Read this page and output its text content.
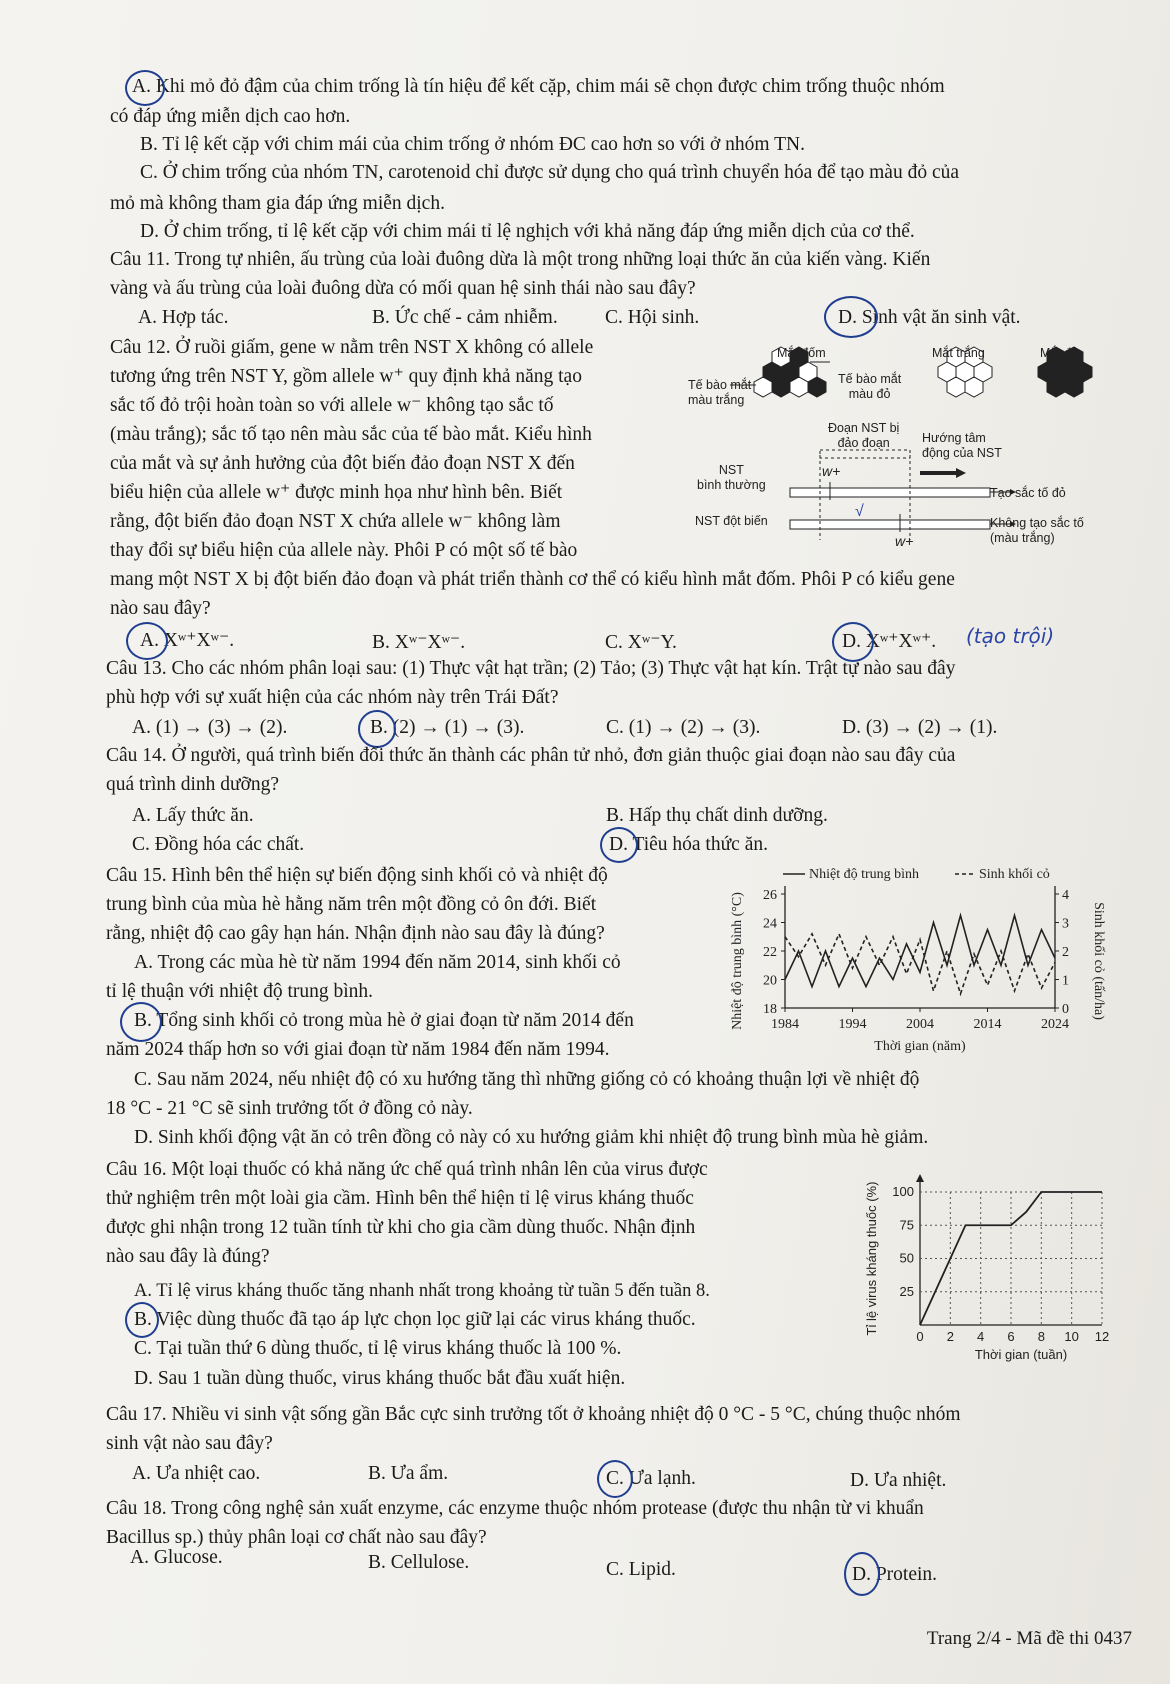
A. Khi mỏ đỏ đậm của chim trống là tín hiệu để kết cặp, chim mái sẽ chọn được chim trống thuộc nhóm
có đáp ứng miễn dịch cao hơn.
B. Tỉ lệ kết cặp với chim mái của chim trống ở nhóm ĐC cao hơn so với ở nhóm TN.
C. Ở chim trống của nhóm TN, carotenoid chỉ được sử dụng cho quá trình chuyển hóa để tạo màu đỏ của
mỏ mà không tham gia đáp ứng miễn dịch.
D. Ở chim trống, tỉ lệ kết cặp với chim mái tỉ lệ nghịch với khả năng đáp ứng miễn dịch của cơ thể.
Câu 11. Trong tự nhiên, ấu trùng của loài đuông dừa là một trong những loại thức ăn của kiến vàng. Kiến
vàng và ấu trùng của loài đuông dừa có mối quan hệ sinh thái nào sau đây?
A. Hợp tác.	B. Ức chế - cảm nhiễm. C. Hội sinh.	D. Sinh vật ăn sinh vật.
Câu 12. Ở ruồi giấm, gene w nằm trên NST X không có allele
tương ứng trên NST Y, gồm allele w⁺ quy định khả năng tạo
sắc tố đỏ trội hoàn toàn so với allele w⁻ không tạo sắc tố
(màu trắng); sắc tố tạo nên màu sắc của tế bào mắt. Kiểu hình
của mắt và sự ảnh hưởng của đột biến đảo đoạn NST X đến
biểu hiện của allele w⁺ được minh họa như hình bên. Biết
rằng, đột biến đảo đoạn NST X chứa allele w⁻ không làm
thay đổi sự biểu hiện của allele này. Phôi P có một số tế bào
mang một NST X bị đột biến đảo đoạn và phát triển thành cơ thể có kiểu hình mắt đốm. Phôi P có kiểu gene
nào sau đây?
√
Mắt đốm	Mắt trắng	Mắt đỏ
Tế bào mắt
màu trắng
Tế bào mắt
màu đỏ
Đoạn NST bị
đảo đoạn	Hướng tâm
động của NST
NST
bình thường
NST đột biến
Tạo sắc tố đỏ
Không tạo sắc tố
(màu trắng)
w+
w+
A. Xʷ⁺Xʷ⁻.	B. Xʷ⁻Xʷ⁻.	C. Xʷ⁻Y.	D. Xʷ⁺Xʷ⁺. (tạo trội)
Câu 13. Cho các nhóm phân loại sau: (1) Thực vật hạt trần; (2) Tảo; (3) Thực vật hạt kín. Trật tự nào sau đây
phù hợp với sự xuất hiện của các nhóm này trên Trái Đất?
A. (1) → (3) → (2).	B. (2) → (1) → (3).	C. (1) → (2) → (3).	D. (3) → (2) → (1).
Câu 14. Ở người, quá trình biến đổi thức ăn thành các phân tử nhỏ, đơn giản thuộc giai đoạn nào sau đây của
quá trình dinh dưỡng?
A. Lấy thức ăn.	B. Hấp thụ chất dinh dưỡng.
C. Đồng hóa các chất.	D. Tiêu hóa thức ăn.
Câu 15. Hình bên thể hiện sự biến động sinh khối cỏ và nhiệt độ
trung bình của mùa hè hằng năm trên một đồng cỏ ôn đới. Biết
rằng, nhiệt độ cao gây hạn hán. Nhận định nào sau đây là đúng?
A. Trong các mùa hè từ năm 1994 đến năm 2014, sinh khối cỏ
tỉ lệ thuận với nhiệt độ trung bình.
B. Tổng sinh khối cỏ trong mùa hè ở giai đoạn từ năm 2014 đến
năm 2024 thấp hơn so với giai đoạn từ năm 1984 đến năm 1994.
C. Sau năm 2024, nếu nhiệt độ có xu hướng tăng thì những giống cỏ có khoảng thuận lợi về nhiệt độ
18 °C - 21 °C sẽ sinh trưởng tốt ở đồng cỏ này.
D. Sinh khối động vật ăn cỏ trên đồng cỏ này có xu hướng giảm khi nhiệt độ trung bình mùa hè giảm.
18
20
22
24
26
0
1
2
3
4
1984	1994	2004	2014	2024
Nhiệt độ trung bình	Sinh khối cỏ
Thời gian (năm)
Nhiệt độ trung bình (°C)	Sinh khối cỏ (tấn/ha)
Câu 16. Một loại thuốc có khả năng ức chế quá trình nhân lên của virus được
thử nghiệm trên một loài gia cầm. Hình bên thể hiện tỉ lệ virus kháng thuốc
được ghi nhận trong 12 tuần tính từ khi cho gia cầm dùng thuốc. Nhận định
nào sau đây là đúng?
A. Tỉ lệ virus kháng thuốc tăng nhanh nhất trong khoảng từ tuần 5 đến tuần 8.
B. Việc dùng thuốc đã tạo áp lực chọn lọc giữ lại các virus kháng thuốc.
C. Tại tuần thứ 6 dùng thuốc, tỉ lệ virus kháng thuốc là 100 %.
D. Sau 1 tuần dùng thuốc, virus kháng thuốc bắt đầu xuất hiện.
25
50
75
100
0 2 4 6 8 10 12
Thời gian (tuần)
Tỉ lệ virus kháng thuốc (%)
Câu 17. Nhiều vi sinh vật sống gần Bắc cực sinh trưởng tốt ở khoảng nhiệt độ 0 °C - 5 °C, chúng thuộc nhóm
sinh vật nào sau đây?
A. Ưa nhiệt cao.	B. Ưa ẩm.	C. Ưa lạnh.	D. Ưa nhiệt.
Câu 18. Trong công nghệ sản xuất enzyme, các enzyme thuộc nhóm protease (được thu nhận từ vi khuẩn
Bacillus sp.) thủy phân loại cơ chất nào sau đây?
A. Glucose.	B. Cellulose.	C. Lipid.	D. Protein.
Trang 2/4 - Mã đề thi 0437
